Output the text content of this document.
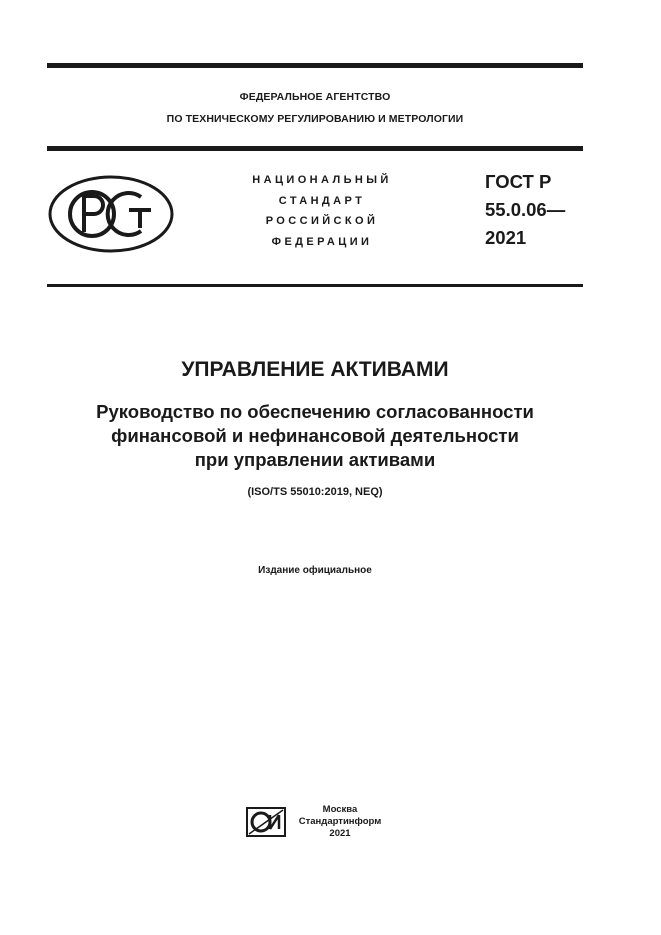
ФЕДЕРАЛЬНОЕ АГЕНТСТВО
ПО ТЕХНИЧЕСКОМУ РЕГУЛИРОВАНИЮ И МЕТРОЛОГИИ
НАЦИОНАЛЬНЫЙ
СТАНДАРТ
РОССИЙСКОЙ
ФЕДЕРАЦИИ
ГОСТ Р
55.0.06—
2021
УПРАВЛЕНИЕ АКТИВАМИ
Руководство по обеспечению согласованности
финансовой и нефинансовой деятельности
при управлении активами
(ISO/TS 55010:2019, NEQ)
Издание официальное
Москва
Стандартинформ
2021
